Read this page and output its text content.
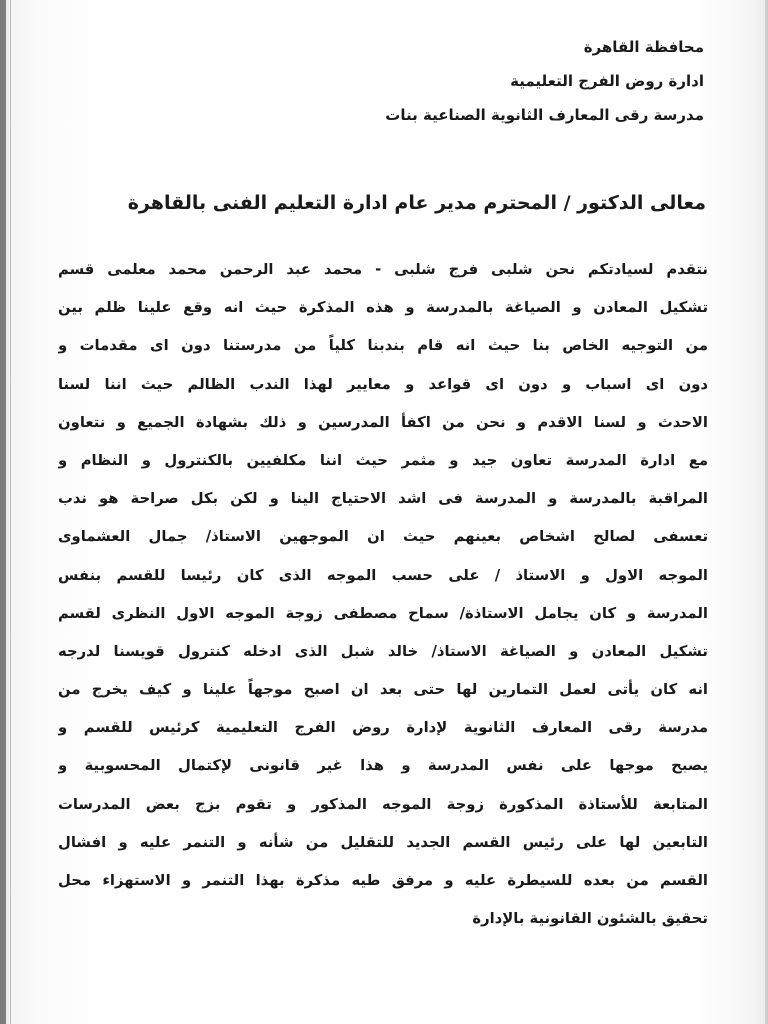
محافظة القاهرة
ادارة روض الفرج التعليمية
مدرسة رقى المعارف الثانوية الصناعية بنات
معالى الدكتور / المحترم مدير عام ادارة التعليم الفنى بالقاهرة
نتقدم لسيادتكم نحن شلبى فرج شلبى - محمد عبد الرحمن محمد معلمى قسم
تشكيل المعادن و الصياغة بالمدرسة و هذه المذكرة حيث انه وقع علينا ظلم بين
من التوجيه الخاص بنا حيث انه قام بندبنا كلياً من مدرستنا دون اى مقدمات و
دون اى اسباب و دون اى قواعد و معايير لهذا الندب الظالم حيث اننا لسنا
الاحدث و لسنا الاقدم و نحن من اكفأ المدرسين و ذلك بشهادة الجميع و نتعاون
مع ادارة المدرسة تعاون جيد و مثمر حيث اننا مكلفيين بالكنترول و النظام و
المراقبة بالمدرسة و المدرسة فى اشد الاحتياج الينا و لكن بكل صراحة هو ندب
تعسفى لصالح اشخاص بعينهم حيث ان الموجهين الاستاذ/ جمال العشماوى
الموجه الاول و الاستاذ / على حسب الموجه الذى كان رئيسا للقسم بنفس
المدرسة و كان يجامل الاستاذة/ سماح مصطفى زوجة الموجه الاول النظرى لقسم
تشكيل المعادن و الصياغة الاستاذ/ خالد شبل الذى ادخله كنترول قويسنا لدرجه
انه كان يأتى لعمل التمارين لها حتى بعد ان اصبح موجهاً علينا و كيف يخرج من
مدرسة رقى المعارف الثانوية لإدارة روض الفرج التعليمية كرئيس للقسم و
يصبح موجها على نفس المدرسة و هذا غير قانونى لإكتمال المحسوبية و
المتابعة للأستاذة المذكورة زوجة الموجه المذكور و تقوم بزج بعض المدرسات
التابعين لها على رئيس القسم الجديد للتقليل من شأنه و التنمر عليه و افشال
القسم من بعده للسيطرة عليه و مرفق طيه مذكرة بهذا التنمر و الاستهزاء محل
تحقيق بالشئون القانونية بالإدارة
